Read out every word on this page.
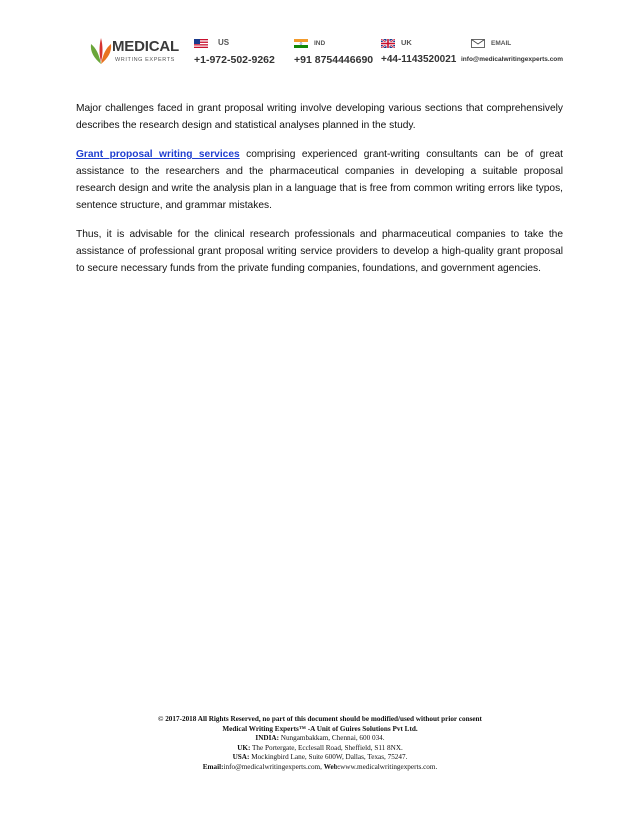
MEDICAL
WRITING EXPERTS
US
+1-972-502-9262
IND
+91 8754446690
UK
+44-1143520021
EMAIL
info@medicalwritingexperts.com

Major challenges faced in grant proposal writing involve developing various sections that comprehensively describes the research design and statistical analyses planned in the study.

Grant proposal writing services comprising experienced grant-writing consultants can be of great assistance to the researchers and the pharmaceutical companies in developing a suitable proposal research design and write the analysis plan in a language that is free from common writing errors like typos, sentence structure, and grammar mistakes.

Thus, it is advisable for the clinical research professionals and pharmaceutical companies to take the assistance of professional grant proposal writing service providers to develop a high-quality grant proposal to secure necessary funds from the private funding companies, foundations, and government agencies.

© 2017-2018 All Rights Reserved, no part of this document should be modified/used without prior consent
Medical Writing Experts™ -A Unit of Guires Solutions Pvt Ltd.
INDIA: Nungambakkam, Chennai, 600 034.
UK: The Portergate, Ecclesall Road, Sheffield, S11 8NX.
USA: Mockingbird Lane, Suite 600W, Dallas, Texas, 75247.
Email:info@medicalwritingexperts.com, Web:www.medicalwritingexperts.com.
